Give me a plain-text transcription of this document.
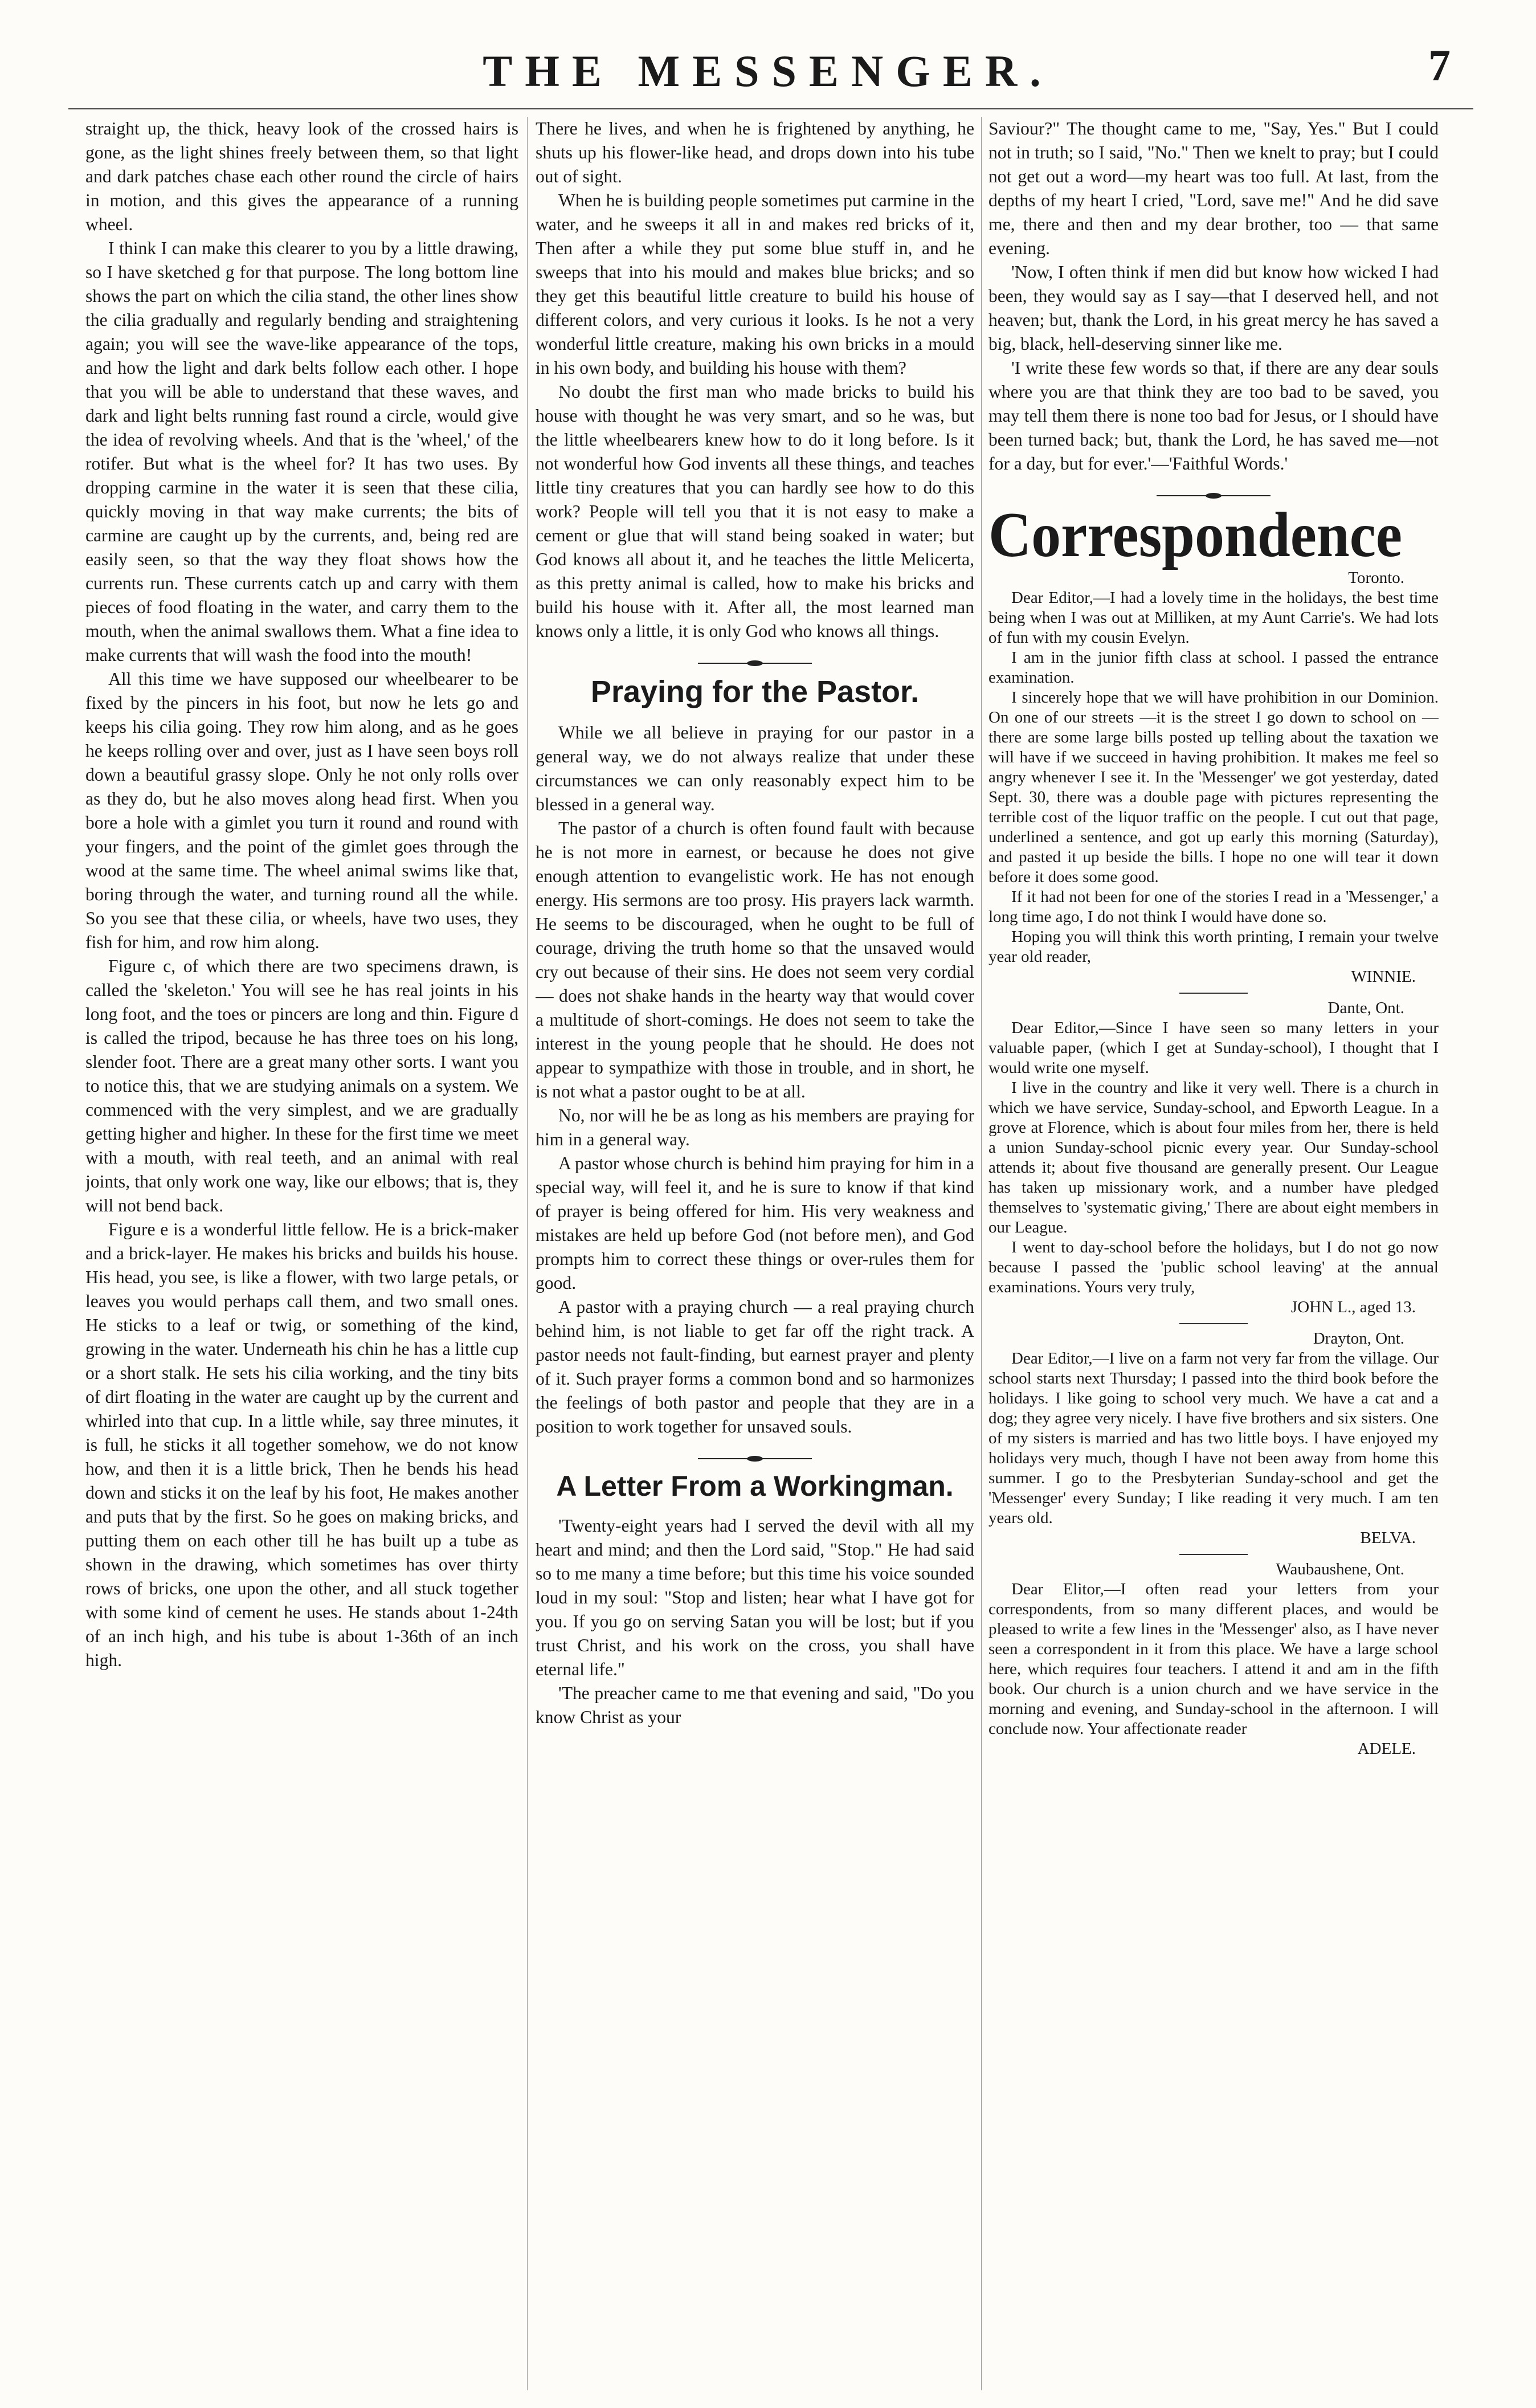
THE MESSENGER.	7

straight up, the thick, heavy look of the crossed hairs is gone, as the light shines freely between them, so that light and dark patches chase each other round the circle of hairs in motion, and this gives the appearance of a running wheel.

I think I can make this clearer to you by a little drawing, so I have sketched g for that purpose. The long bottom line shows the part on which the cilia stand, the other lines show the cilia gradually and regularly bending and straightening again; you will see the wave-like appearance of the tops, and how the light and dark belts follow each other. I hope that you will be able to understand that these waves, and dark and light belts running fast round a circle, would give the idea of revolving wheels. And that is the 'wheel,' of the rotifer. But what is the wheel for? It has two uses. By dropping carmine in the water it is seen that these cilia, quickly moving in that way make currents; the bits of carmine are caught up by the currents, and, being red are easily seen, so that the way they float shows how the currents run. These currents catch up and carry with them pieces of food floating in the water, and carry them to the mouth, when the animal swallows them. What a fine idea to make currents that will wash the food into the mouth!

All this time we have supposed our wheelbearer to be fixed by the pincers in his foot, but now he lets go and keeps his cilia going. They row him along, and as he goes he keeps rolling over and over, just as I have seen boys roll down a beautiful grassy slope. Only he not only rolls over as they do, but he also moves along head first. When you bore a hole with a gimlet you turn it round and round with your fingers, and the point of the gimlet goes through the wood at the same time. The wheel animal swims like that, boring through the water, and turning round all the while. So you see that these cilia, or wheels, have two uses, they fish for him, and row him along.

Figure c, of which there are two specimens drawn, is called the 'skeleton.' You will see he has real joints in his long foot, and the toes or pincers are long and thin. Figure d is called the tripod, because he has three toes on his long, slender foot. There are a great many other sorts. I want you to notice this, that we are studying animals on a system. We commenced with the very simplest, and we are gradually getting higher and higher. In these for the first time we meet with a mouth, with real teeth, and an animal with real joints, that only work one way, like our elbows; that is, they will not bend back.

Figure e is a wonderful little fellow. He is a brick-maker and a brick-layer. He makes his bricks and builds his house. His head, you see, is like a flower, with two large petals, or leaves you would perhaps call them, and two small ones. He sticks to a leaf or twig, or something of the kind, growing in the water. Underneath his chin he has a little cup or a short stalk. He sets his cilia working, and the tiny bits of dirt floating in the water are caught up by the current and whirled into that cup. In a little while, say three minutes, it is full, he sticks it all together somehow, we do not know how, and then it is a little brick, Then he bends his head down and sticks it on the leaf by his foot, He makes another and puts that by the first. So he goes on making bricks, and putting them on each other till he has built up a tube as shown in the drawing, which sometimes has over thirty rows of bricks, one upon the other, and all stuck together with some kind of cement he uses. He stands about 1-24th of an inch high, and his tube is about 1-36th of an inch high.

There he lives, and when he is frightened by anything, he shuts up his flower-like head, and drops down into his tube out of sight.

When he is building people sometimes put carmine in the water, and he sweeps it all in and makes red bricks of it, Then after a while they put some blue stuff in, and he sweeps that into his mould and makes blue bricks; and so they get this beautiful little creature to build his house of different colors, and very curious it looks. Is he not a very wonderful little creature, making his own bricks in a mould in his own body, and building his house with them?

No doubt the first man who made bricks to build his house with thought he was very smart, and so he was, but the little wheelbearers knew how to do it long before. Is it not wonderful how God invents all these things, and teaches little tiny creatures that you can hardly see how to do this work? People will tell you that it is not easy to make a cement or glue that will stand being soaked in water; but God knows all about it, and he teaches the little Melicerta, as this pretty animal is called, how to make his bricks and build his house with it. After all, the most learned man knows only a little, it is only God who knows all things.

Praying for the Pastor.

While we all believe in praying for our pastor in a general way, we do not always realize that under these circumstances we can only reasonably expect him to be blessed in a general way.

The pastor of a church is often found fault with because he is not more in earnest, or because he does not give enough attention to evangelistic work. He has not enough energy. His sermons are too prosy. His prayers lack warmth. He seems to be discouraged, when he ought to be full of courage, driving the truth home so that the unsaved would cry out because of their sins. He does not seem very cordial — does not shake hands in the hearty way that would cover a multitude of short-comings. He does not seem to take the interest in the young people that he should. He does not appear to sympathize with those in trouble, and in short, he is not what a pastor ought to be at all.

No, nor will he be as long as his members are praying for him in a general way.

A pastor whose church is behind him praying for him in a special way, will feel it, and he is sure to know if that kind of prayer is being offered for him. His very weakness and mistakes are held up before God (not before men), and God prompts him to correct these things or over-rules them for good.

A pastor with a praying church — a real praying church behind him, is not liable to get far off the right track. A pastor needs not fault-finding, but earnest prayer and plenty of it. Such prayer forms a common bond and so harmonizes the feelings of both pastor and people that they are in a position to work together for unsaved souls.

A Letter From a Workingman.

'Twenty-eight years had I served the devil with all my heart and mind; and then the Lord said, "Stop." He had said so to me many a time before; but this time his voice sounded loud in my soul: "Stop and listen; hear what I have got for you. If you go on serving Satan you will be lost; but if you trust Christ, and his work on the cross, you shall have eternal life."

'The preacher came to me that evening and said, "Do you know Christ as your

Saviour?" The thought came to me, "Say, Yes." But I could not in truth; so I said, "No." Then we knelt to pray; but I could not get out a word—my heart was too full. At last, from the depths of my heart I cried, "Lord, save me!" And he did save me, there and then and my dear brother, too — that same evening.

'Now, I often think if men did but know how wicked I had been, they would say as I say—that I deserved hell, and not heaven; but, thank the Lord, in his great mercy he has saved a big, black, hell-deserving sinner like me.

'I write these few words so that, if there are any dear souls where you are that think they are too bad to be saved, you may tell them there is none too bad for Jesus, or I should have been turned back; but, thank the Lord, he has saved me—not for a day, but for ever.'—'Faithful Words.'

Correspondence

Toronto.

Dear Editor,—I had a lovely time in the holidays, the best time being when I was out at Milliken, at my Aunt Carrie's. We had lots of fun with my cousin Evelyn.

I am in the junior fifth class at school. I passed the entrance examination.

I sincerely hope that we will have prohibition in our Dominion. On one of our streets —it is the street I go down to school on — there are some large bills posted up telling about the taxation we will have if we succeed in having prohibition. It makes me feel so angry whenever I see it. In the 'Messenger' we got yesterday, dated Sept. 30, there was a double page with pictures representing the terrible cost of the liquor traffic on the people. I cut out that page, underlined a sentence, and got up early this morning (Saturday), and pasted it up beside the bills. I hope no one will tear it down before it does some good.

If it had not been for one of the stories I read in a 'Messenger,' a long time ago, I do not think I would have done so.

Hoping you will think this worth printing, I remain your twelve year old reader,

WINNIE.

Dante, Ont.

Dear Editor,—Since I have seen so many letters in your valuable paper, (which I get at Sunday-school), I thought that I would write one myself.

I live in the country and like it very well. There is a church in which we have service, Sunday-school, and Epworth League. In a grove at Florence, which is about four miles from her, there is held a union Sunday-school picnic every year. Our Sunday-school attends it; about five thousand are generally present. Our League has taken up missionary work, and a number have pledged themselves to 'systematic giving,' There are about eight members in our League.

I went to day-school before the holidays, but I do not go now because I passed the 'public school leaving' at the annual examinations. Yours very truly,

JOHN L., aged 13.

Drayton, Ont.

Dear Editor,—I live on a farm not very far from the village. Our school starts next Thursday; I passed into the third book before the holidays. I like going to school very much. We have a cat and a dog; they agree very nicely. I have five brothers and six sisters. One of my sisters is married and has two little boys. I have enjoyed my holidays very much, though I have not been away from home this summer. I go to the Presbyterian Sunday-school and get the 'Messenger' every Sunday; I like reading it very much. I am ten years old.

BELVA.

Waubaushene, Ont.

Dear Elitor,—I often read your letters from your correspondents, from so many different places, and would be pleased to write a few lines in the 'Messenger' also, as I have never seen a correspondent in it from this place. We have a large school here, which requires four teachers. I attend it and am in the fifth book. Our church is a union church and we have service in the morning and evening, and Sunday-school in the afternoon. I will conclude now. Your affectionate reader

ADELE.
